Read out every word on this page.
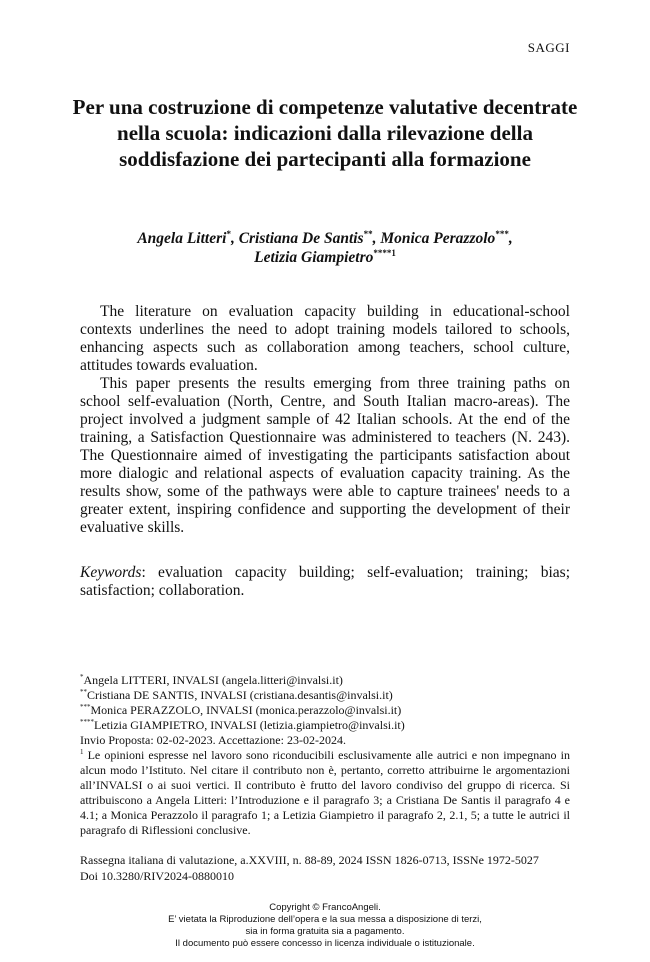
SAGGI
Per una costruzione di competenze valutative decentrate nella scuola: indicazioni dalla rilevazione della soddisfazione dei partecipanti alla formazione
Angela Litteri*, Cristiana De Santis**, Monica Perazzolo***,
Letizia Giampietro$^{****1}$

The literature on evaluation capacity building in educational-school contexts underlines the need to adopt training models tailored to schools, enhancing aspects such as collaboration among teachers, school culture, attitudes towards evaluation.

This paper presents the results emerging from three training paths on school self-evaluation (North, Centre, and South Italian macro-areas). The project involved a judgment sample of 42 Italian schools. At the end of the training, a Satisfaction Questionnaire was administered to teachers (N. 243). The Questionnaire aimed of investigating the participants satisfaction about more dialogic and relational aspects of evaluation capacity training. As the results show, some of the pathways were able to capture trainees' needs to a greater extent, inspiring confidence and supporting the development of their evaluative skills.

Keywords: evaluation capacity building; self-evaluation; training; bias; satisfaction; collaboration.
*Angela LITTERI, INVALSI (angela.litteri@invalsi.it)
**Cristiana DE SANTIS, INVALSI (cristiana.desantis@invalsi.it)
***Monica PERAZZOLO, INVALSI (monica.perazzolo@invalsi.it)
****Letizia GIAMPIETRO, INVALSI (letizia.giampietro@invalsi.it)
Invio Proposta: 02-02-2023. Accettazione: 23-02-2024.

$^1$ Le opinioni espresse nel lavoro sono riconducibili esclusivamente alle autrici e non impegnano in alcun modo l’Istituto. Nel citare il contributo non è, pertanto, corretto attribuirne le argomentazioni all’INVALSI o ai suoi vertici. Il contributo è frutto del lavoro condiviso del gruppo di ricerca. Si attribuiscono a Angela Litteri: l’Introduzione e il paragrafo 3; a Cristiana De Santis il paragrafo 4 e 4.1; a Monica Perazzolo il paragrafo 1; a Letizia Giampietro il paragrafo 2, 2.1, 5; a tutte le autrici il paragrafo di Riflessioni conclusive.

Rassegna italiana di valutazione, a.XXVIII, n. 88-89, 2024 ISSN 1826-0713, ISSNe 1972-5027
Doi 10.3280/RIV2024-0880010
Copyright © FrancoAngeli.
E’ vietata la Riproduzione dell’opera e la sua messa a disposizione di terzi,
sia in forma gratuita sia a pagamento.
Il documento può essere concesso in licenza individuale o istituzionale.
